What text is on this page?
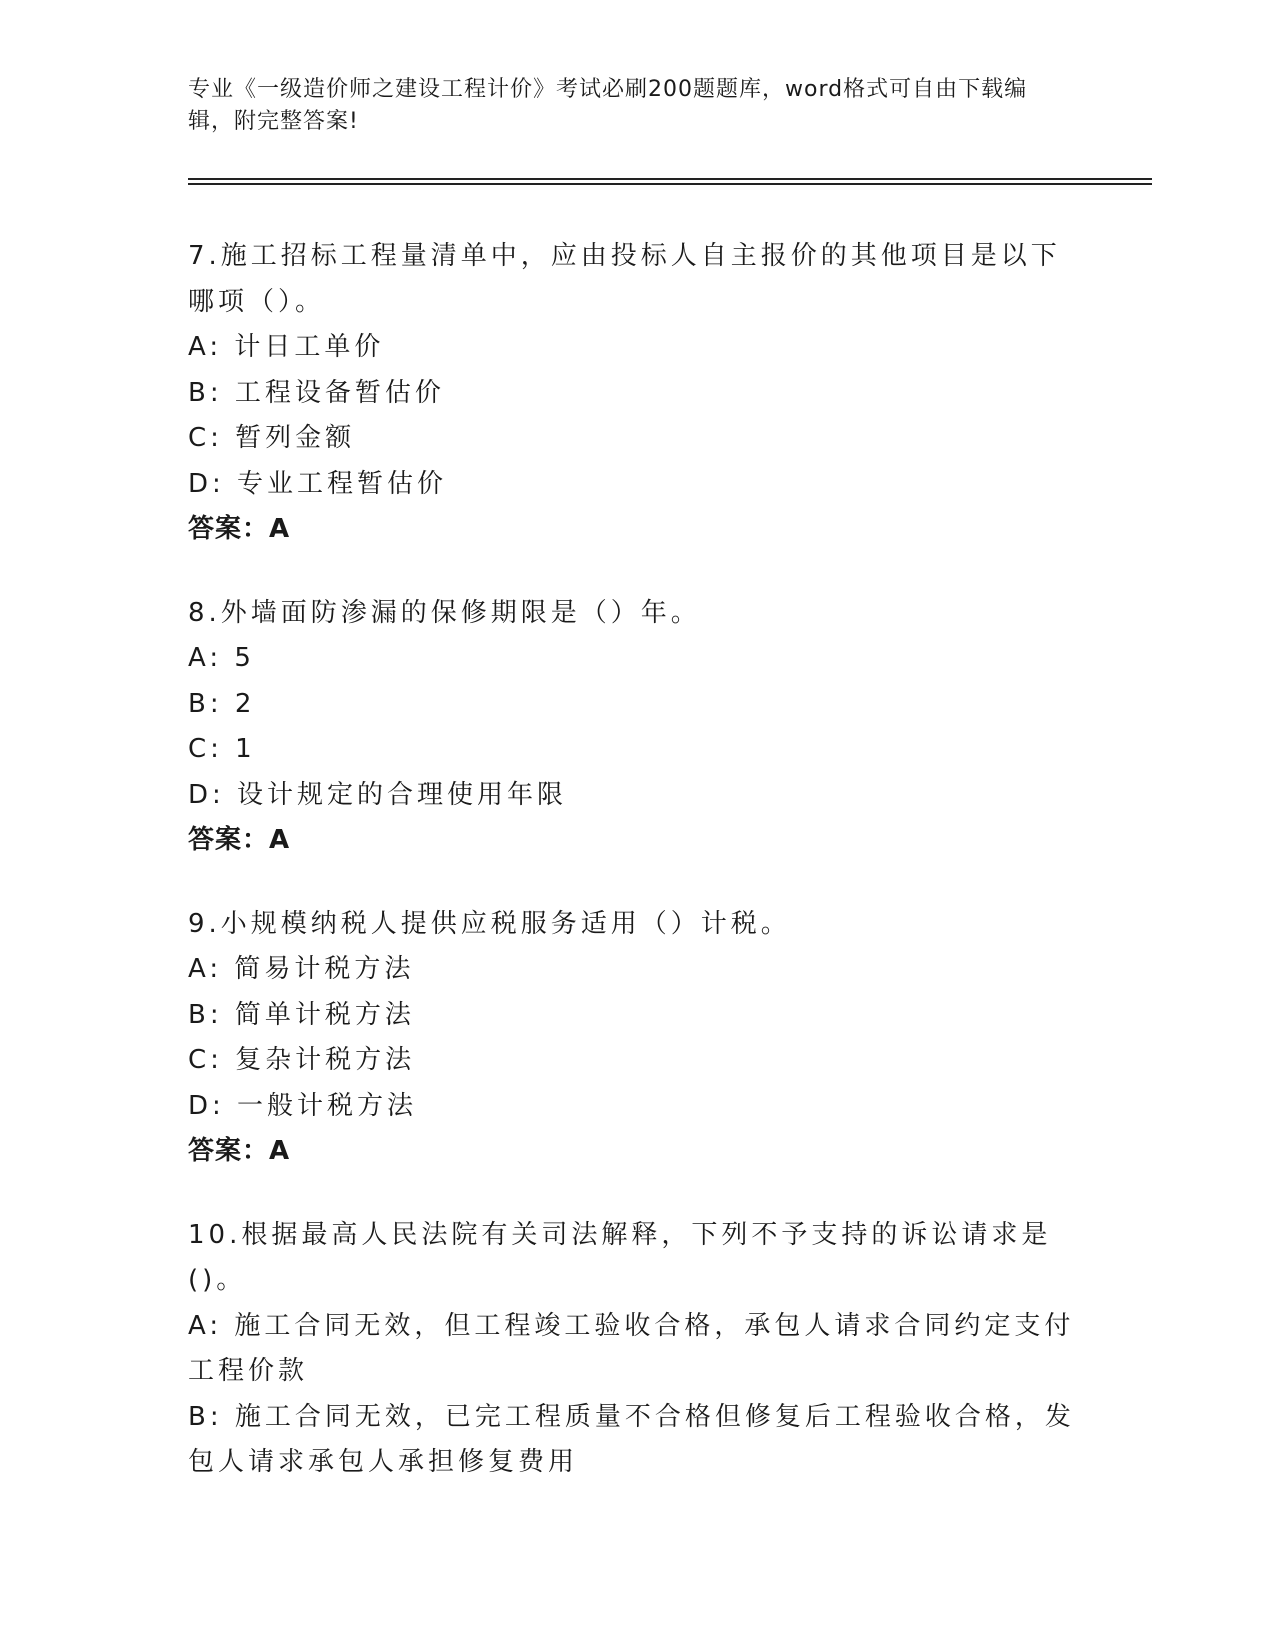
专业《一级造价师之建设工程计价》考试必刷200题题库，word格式可自由下载编辑，附完整答案!
7.施工招标工程量清单中，应由投标人自主报价的其他项目是以下哪项（）。
A: 计日工单价
B: 工程设备暂估价
C: 暂列金额
D: 专业工程暂估价
答案：A
8.外墙面防渗漏的保修期限是（）年。
A: 5
B: 2
C: 1
D: 设计规定的合理使用年限
答案：A
9.小规模纳税人提供应税服务适用（）计税。
A: 简易计税方法
B: 简单计税方法
C: 复杂计税方法
D: 一般计税方法
答案：A
10.根据最高人民法院有关司法解释，下列不予支持的诉讼请求是()。
A: 施工合同无效，但工程竣工验收合格，承包人请求合同约定支付工程价款
B: 施工合同无效，已完工程质量不合格但修复后工程验收合格，发包人请求承包人承担修复费用
